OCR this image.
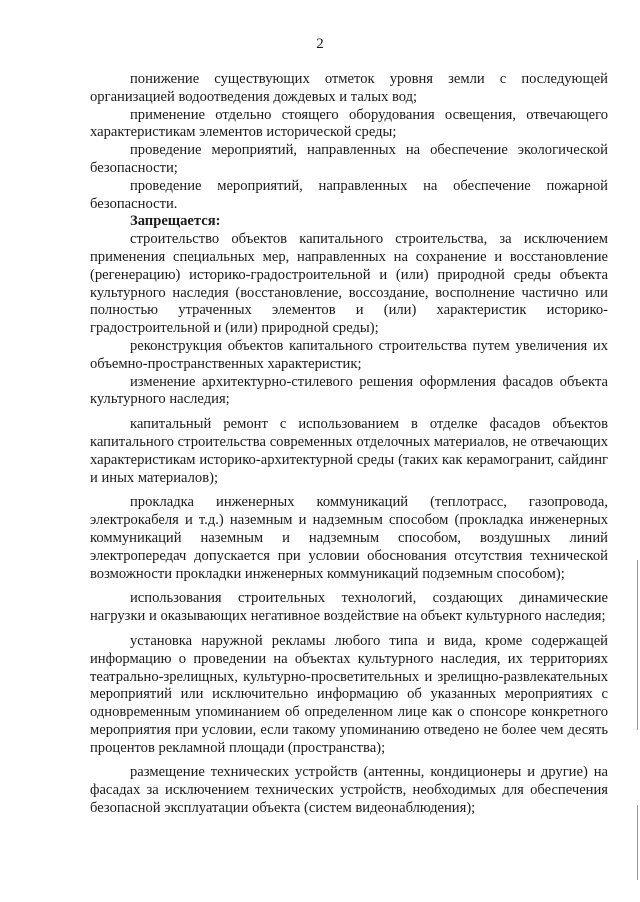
2

понижение существующих отметок уровня земли с последующей организацией водоотведения дождевых и талых вод;

применение отдельно стоящего оборудования освещения, отвечающего характеристикам элементов исторической среды;

проведение мероприятий, направленных на обеспечение экологической безопасности;

проведение мероприятий, направленных на обеспечение пожарной безопасности.

Запрещается:

строительство объектов капитального строительства, за исключением применения специальных мер, направленных на сохранение и восстановление (регенерацию) историко-градостроительной и (или) природной среды объекта культурного наследия (восстановление, воссоздание, восполнение частично или полностью утраченных элементов и (или) характеристик историко-градостроительной и (или) природной среды);

реконструкция объектов капитального строительства путем увеличения их объемно-пространственных характеристик;

изменение архитектурно-стилевого решения оформления фасадов объекта культурного наследия;

капитальный ремонт с использованием в отделке фасадов объектов капитального строительства современных отделочных материалов, не отвечающих характеристикам историко-архитектурной среды (таких как керамогранит, сайдинг и иных материалов);

прокладка инженерных коммуникаций (теплотрасс, газопровода, электрокабеля и т.д.) наземным и надземным способом (прокладка инженерных коммуникаций наземным и надземным способом, воздушных линий электропередач допускается при условии обоснования отсутствия технической возможности прокладки инженерных коммуникаций подземным способом);

использования строительных технологий, создающих динамические нагрузки и оказывающих негативное воздействие на объект культурного наследия;

установка наружной рекламы любого типа и вида, кроме содержащей информацию о проведении на объектах культурного наследия, их территориях театрально-зрелищных, культурно-просветительных и зрелищно-развлекательных мероприятий или исключительно информацию об указанных мероприятиях с одновременным упоминанием об определенном лице как о спонсоре конкретного мероприятия при условии, если такому упоминанию отведено не более чем десять процентов рекламной площади (пространства);

размещение технических устройств (антенны, кондиционеры и другие) на фасадах за исключением технических устройств, необходимых для обеспечения безопасной эксплуатации объекта (систем видеонаблюдения);
